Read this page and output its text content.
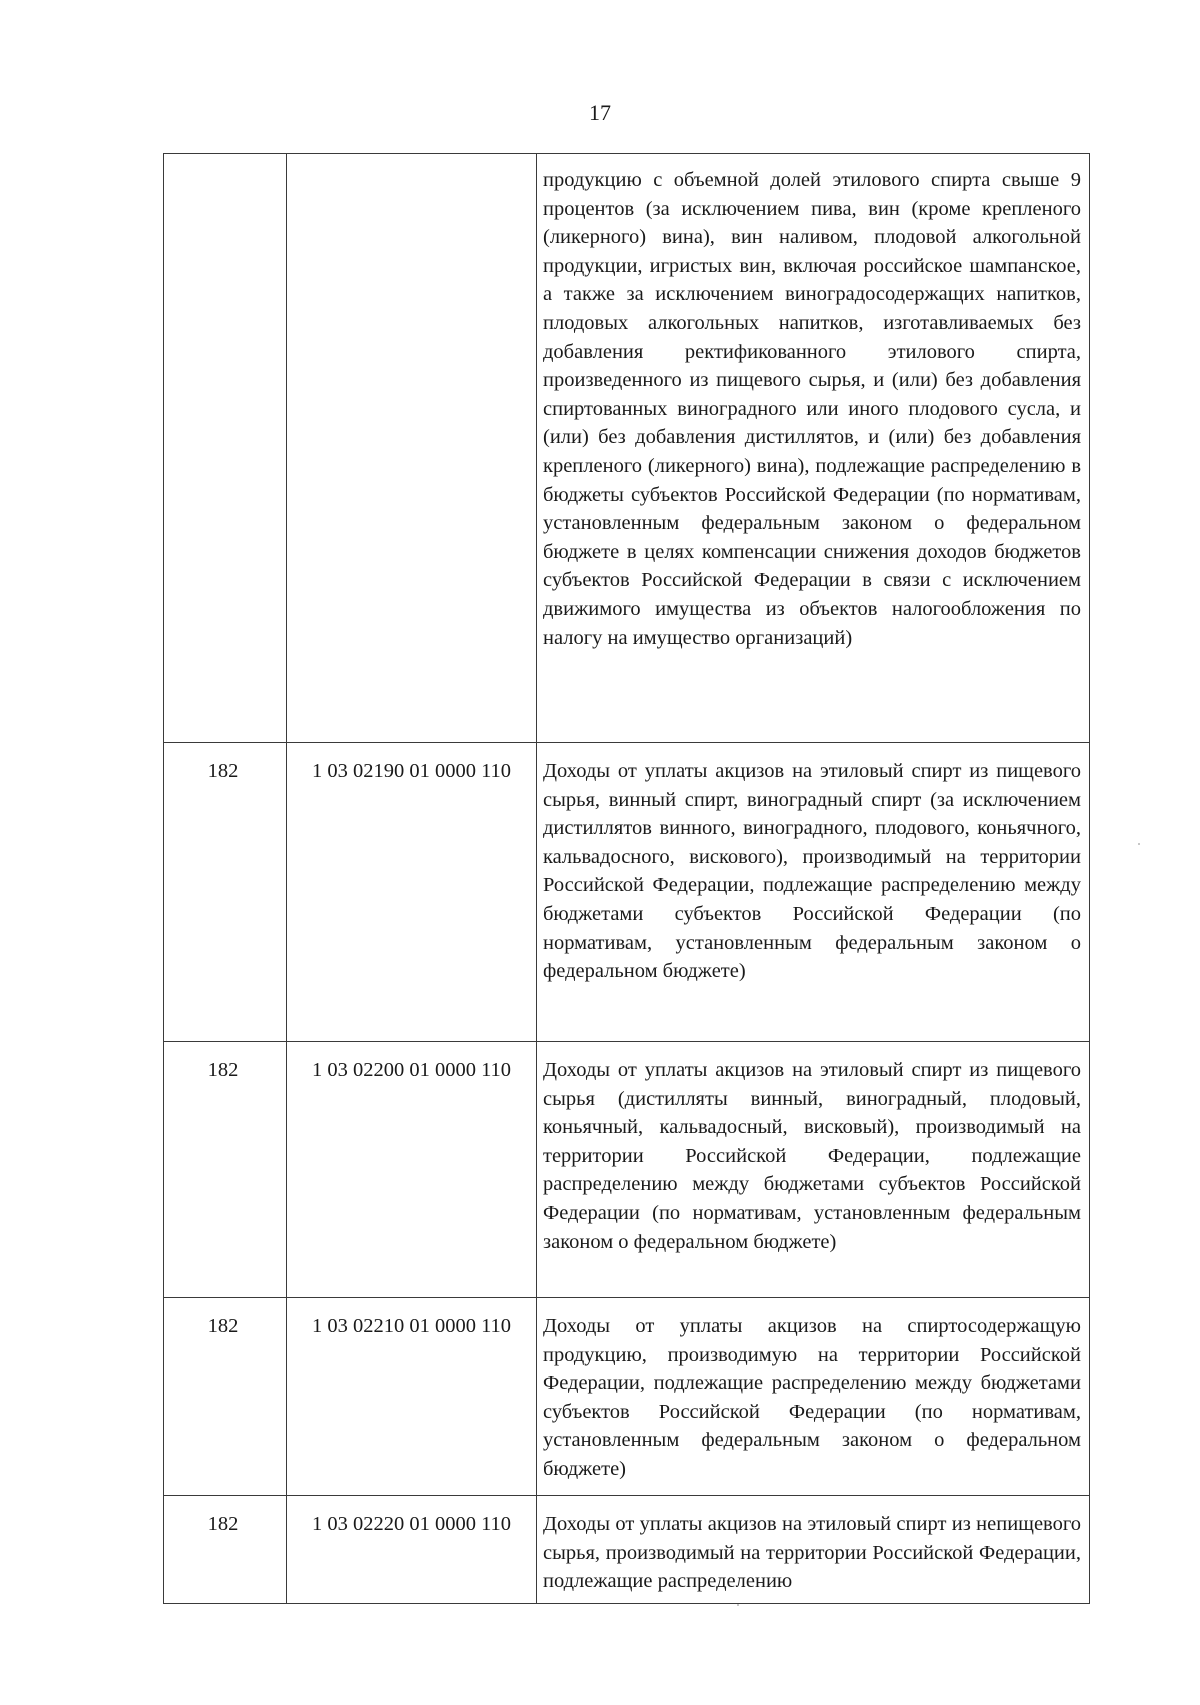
17
		продукцию с объемной долей этилового спирта свыше 9 процентов (за исключением пива, вин (кроме крепленого (ликерного) вина), вин наливом, плодовой алкогольной продукции, игристых вин, включая российское шампанское, а также за исключением виноградосодержащих напитков, плодовых алкогольных напитков, изготавливаемых без добавления ректификованного этилового спирта, произведенного из пищевого сырья, и (или) без добавления спиртованных виноградного или иного плодового сусла, и (или) без добавления дистиллятов, и (или) без добавления крепленого (ликерного) вина), подлежащие распределению в бюджеты субъектов Российской Федерации (по нормативам, установленным федеральным законом о федеральном бюджете в целях компенсации снижения доходов бюджетов субъектов Российской Федерации в связи с исключением движимого имущества из объектов налогообложения по налогу на имущество организаций)
182	1 03 02190 01 0000 110	Доходы от уплаты акцизов на этиловый спирт из пищевого сырья, винный спирт, виноградный спирт (за исключением дистиллятов винного, виноградного, плодового, коньячного, кальвадосного, вискового), производимый на территории Российской Федерации, подлежащие распределению между бюджетами субъектов Российской Федерации (по нормативам, установленным федеральным законом о федеральном бюджете)
182	1 03 02200 01 0000 110	Доходы от уплаты акцизов на этиловый спирт из пищевого сырья (дистилляты винный, виноградный, плодовый, коньячный, кальвадосный, висковый), производимый на территории Российской Федерации, подлежащие распределению между бюджетами субъектов Российской Федерации (по нормативам, установленным федеральным законом о федеральном бюджете)
182	1 03 02210 01 0000 110	Доходы от уплаты акцизов на спиртосодержащую продукцию, производимую на территории Российской Федерации, подлежащие распределению между бюджетами субъектов Российской Федерации (по нормативам, установленным федеральным законом о федеральном бюджете)
182	1 03 02220 01 0000 110	Доходы от уплаты акцизов на этиловый спирт из непищевого сырья, производимый на территории Российской Федерации, подлежащие распределению
